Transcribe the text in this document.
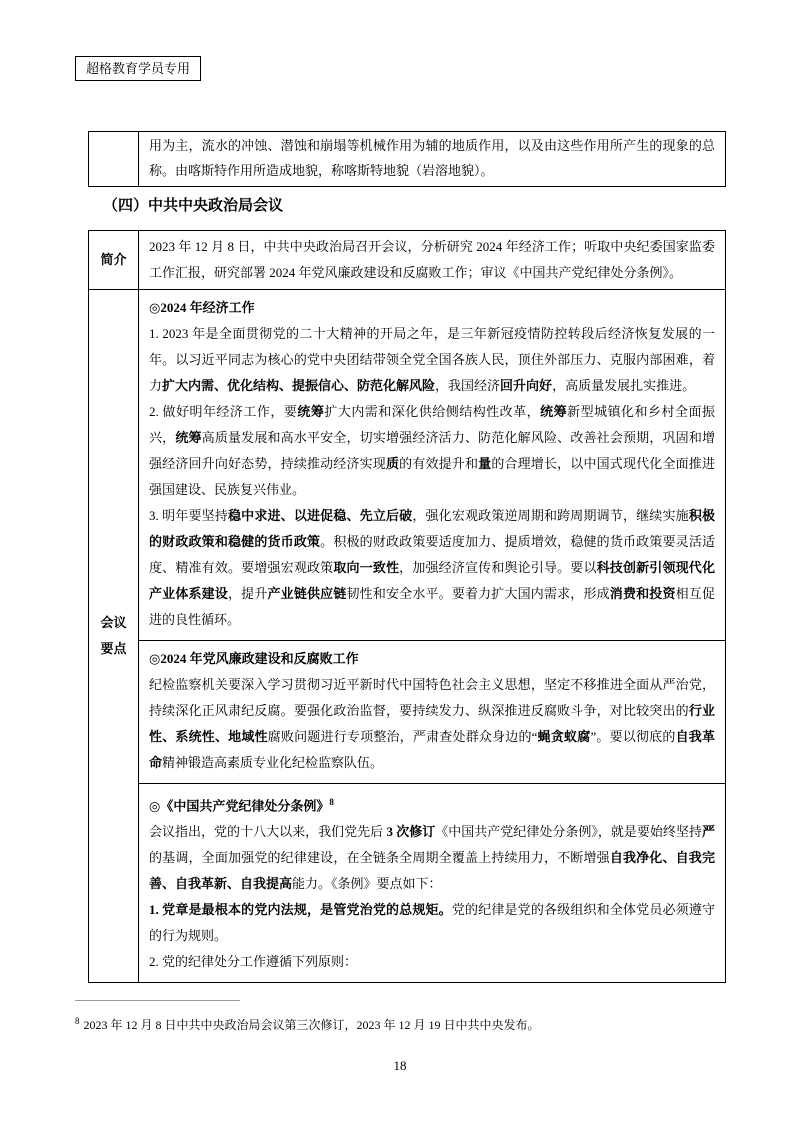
超格教育学员专用
用为主，流水的冲蚀、潜蚀和崩塌等机械作用为辅的地质作用，以及由这些作用所产生的现象的总称。由喀斯特作用所造成地貌，称喀斯特地貌（岩溶地貌）。
（四）中共中央政治局会议
简介

2023 年 12 月 8 日，中共中央政治局召开会议，分析研究 2024 年经济工作；听取中央纪委国家监委工作汇报，研究部署 2024 年党风廉政建设和反腐败工作；审议《中国共产党纪律处分条例》。

会议要点

◎2024 年经济工作

1. 2023 年是全面贯彻党的二十大精神的开局之年，是三年新冠疫情防控转段后经济恢复发展的一年。以习近平同志为核心的党中央团结带领全党全国各族人民，顶住外部压力、克服内部困难，着力扩大内需、优化结构、提振信心、防范化解风险，我国经济回升向好，高质量发展扎实推进。

2. 做好明年经济工作，要统筹扩大内需和深化供给侧结构性改革，统筹新型城镇化和乡村全面振兴，统筹高质量发展和高水平安全，切实增强经济活力、防范化解风险、改善社会预期，巩固和增强经济回升向好态势，持续推动经济实现质的有效提升和量的合理增长，以中国式现代化全面推进强国建设、民族复兴伟业。

3. 明年要坚持稳中求进、以进促稳、先立后破，强化宏观政策逆周期和跨周期调节，继续实施积极的财政政策和稳健的货币政策。积极的财政政策要适度加力、提质增效，稳健的货币政策要灵活适度、精准有效。要增强宏观政策取向一致性，加强经济宣传和舆论引导。要以科技创新引领现代化产业体系建设，提升产业链供应链韧性和安全水平。要着力扩大国内需求，形成消费和投资相互促进的良性循环。

◎2024 年党风廉政建设和反腐败工作

纪检监察机关要深入学习贯彻习近平新时代中国特色社会主义思想，坚定不移推进全面从严治党，持续深化正风肃纪反腐。要强化政治监督，要持续发力、纵深推进反腐败斗争，对比较突出的行业性、系统性、地域性腐败问题进行专项整治，严肃查处群众身边的“蝇贪蚁腐”。要以彻底的自我革命精神锻造高素质专业化纪检监察队伍。

◎《中国共产党纪律处分条例》$^8$

会议指出，党的十八大以来，我们党先后 3 次修订《中国共产党纪律处分条例》，就是要始终坚持严的基调，全面加强党的纪律建设，在全链条全周期全覆盖上持续用力，不断增强自我净化、自我完善、自我革新、自我提高能力。《条例》要点如下：

1. 党章是最根本的党内法规，是管党治党的总规矩。党的纪律是党的各级组织和全体党员必须遵守的行为规则。

2. 党的纪律处分工作遵循下列原则：

$^8$ 2023 年 12 月 8 日中共中央政治局会议第三次修订，2023 年 12 月 19 日中共中央发布。

18
